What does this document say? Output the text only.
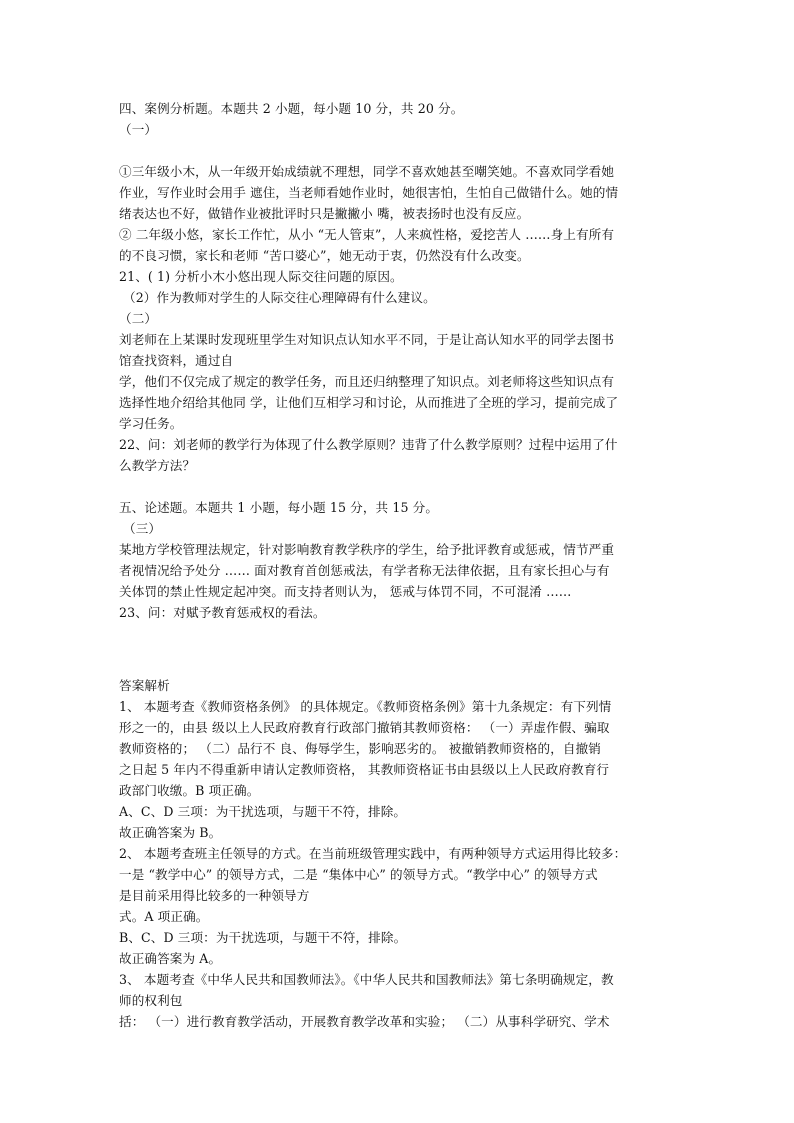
四、案例分析题。本题共 2 小题，每小题 10 分，共 20 分。

（一）

①三年级小木，从一年级开始成绩就不理想，同学不喜欢她甚至嘲笑她。不喜欢同学看她

作业，写作业时会用手 遮住，当老师看她作业时，她很害怕，生怕自己做错什么。她的情

绪表达也不好，做错作业被批评时只是撇撇小 嘴，被表扬时也没有反应。

② 二年级小悠，家长工作忙，从小 “无人管束”，人来疯性格，爱挖苦人 ……身上有所有

的不良习惯，家长和老师 “苦口婆心”，她无动于衷，仍然没有什么改变。

21、( 1) 分析小木小悠出现人际交往问题的原因。

（2）作为教师对学生的人际交往心理障碍有什么建议。

（二）

刘老师在上某课时发现班里学生对知识点认知水平不同，于是让高认知水平的同学去图书

馆查找资料，通过自

学，他们不仅完成了规定的教学任务，而且还归纳整理了知识点。刘老师将这些知识点有

选择性地介绍给其他同 学，让他们互相学习和讨论，从而推进了全班的学习，提前完成了

学习任务。

22、问：刘老师的教学行为体现了什么教学原则？违背了什么教学原则？过程中运用了什

么教学方法？

五、论述题。本题共 1 小题，每小题 15 分，共 15 分。

（三）

某地方学校管理法规定，针对影响教育教学秩序的学生，给予批评教育或惩戒，情节严重

者视情况给予处分 …… 面对教育首创惩戒法，有学者称无法律依据，且有家长担心与有

关体罚的禁止性规定起冲突。而支持者则认为， 惩戒与体罚不同，不可混淆 ……

23、问：对赋予教育惩戒权的看法。

答案解析

1、 本题考查《教师资格条例》 的具体规定。《教师资格条例》第十九条规定：有下列情

形之一的，由县 级以上人民政府教育行政部门撤销其教师资格： （一）弄虚作假、骗取

教师资格的； （二）品行不 良、侮辱学生，影响恶劣的。 被撤销教师资格的，自撤销

之日起 5 年内不得重新申请认定教师资格， 其教师资格证书由县级以上人民政府教育行

政部门收缴。B 项正确。

A、C、D 三项：为干扰选项，与题干不符，排除。

故正确答案为 B。

2、 本题考查班主任领导的方式。在当前班级管理实践中，有两种领导方式运用得比较多：

一是 “教学中心” 的领导方式，二是 “集体中心” 的领导方式。“教学中心” 的领导方式

是目前采用得比较多的一种领导方

式。A 项正确。

B、C、D 三项：为干扰选项，与题干不符，排除。

故正确答案为 A。

3、 本题考查《中华人民共和国教师法》。《中华人民共和国教师法》第七条明确规定，教

师的权利包

括： （一）进行教育教学活动，开展教育教学改革和实验； （二）从事科学研究、学术
